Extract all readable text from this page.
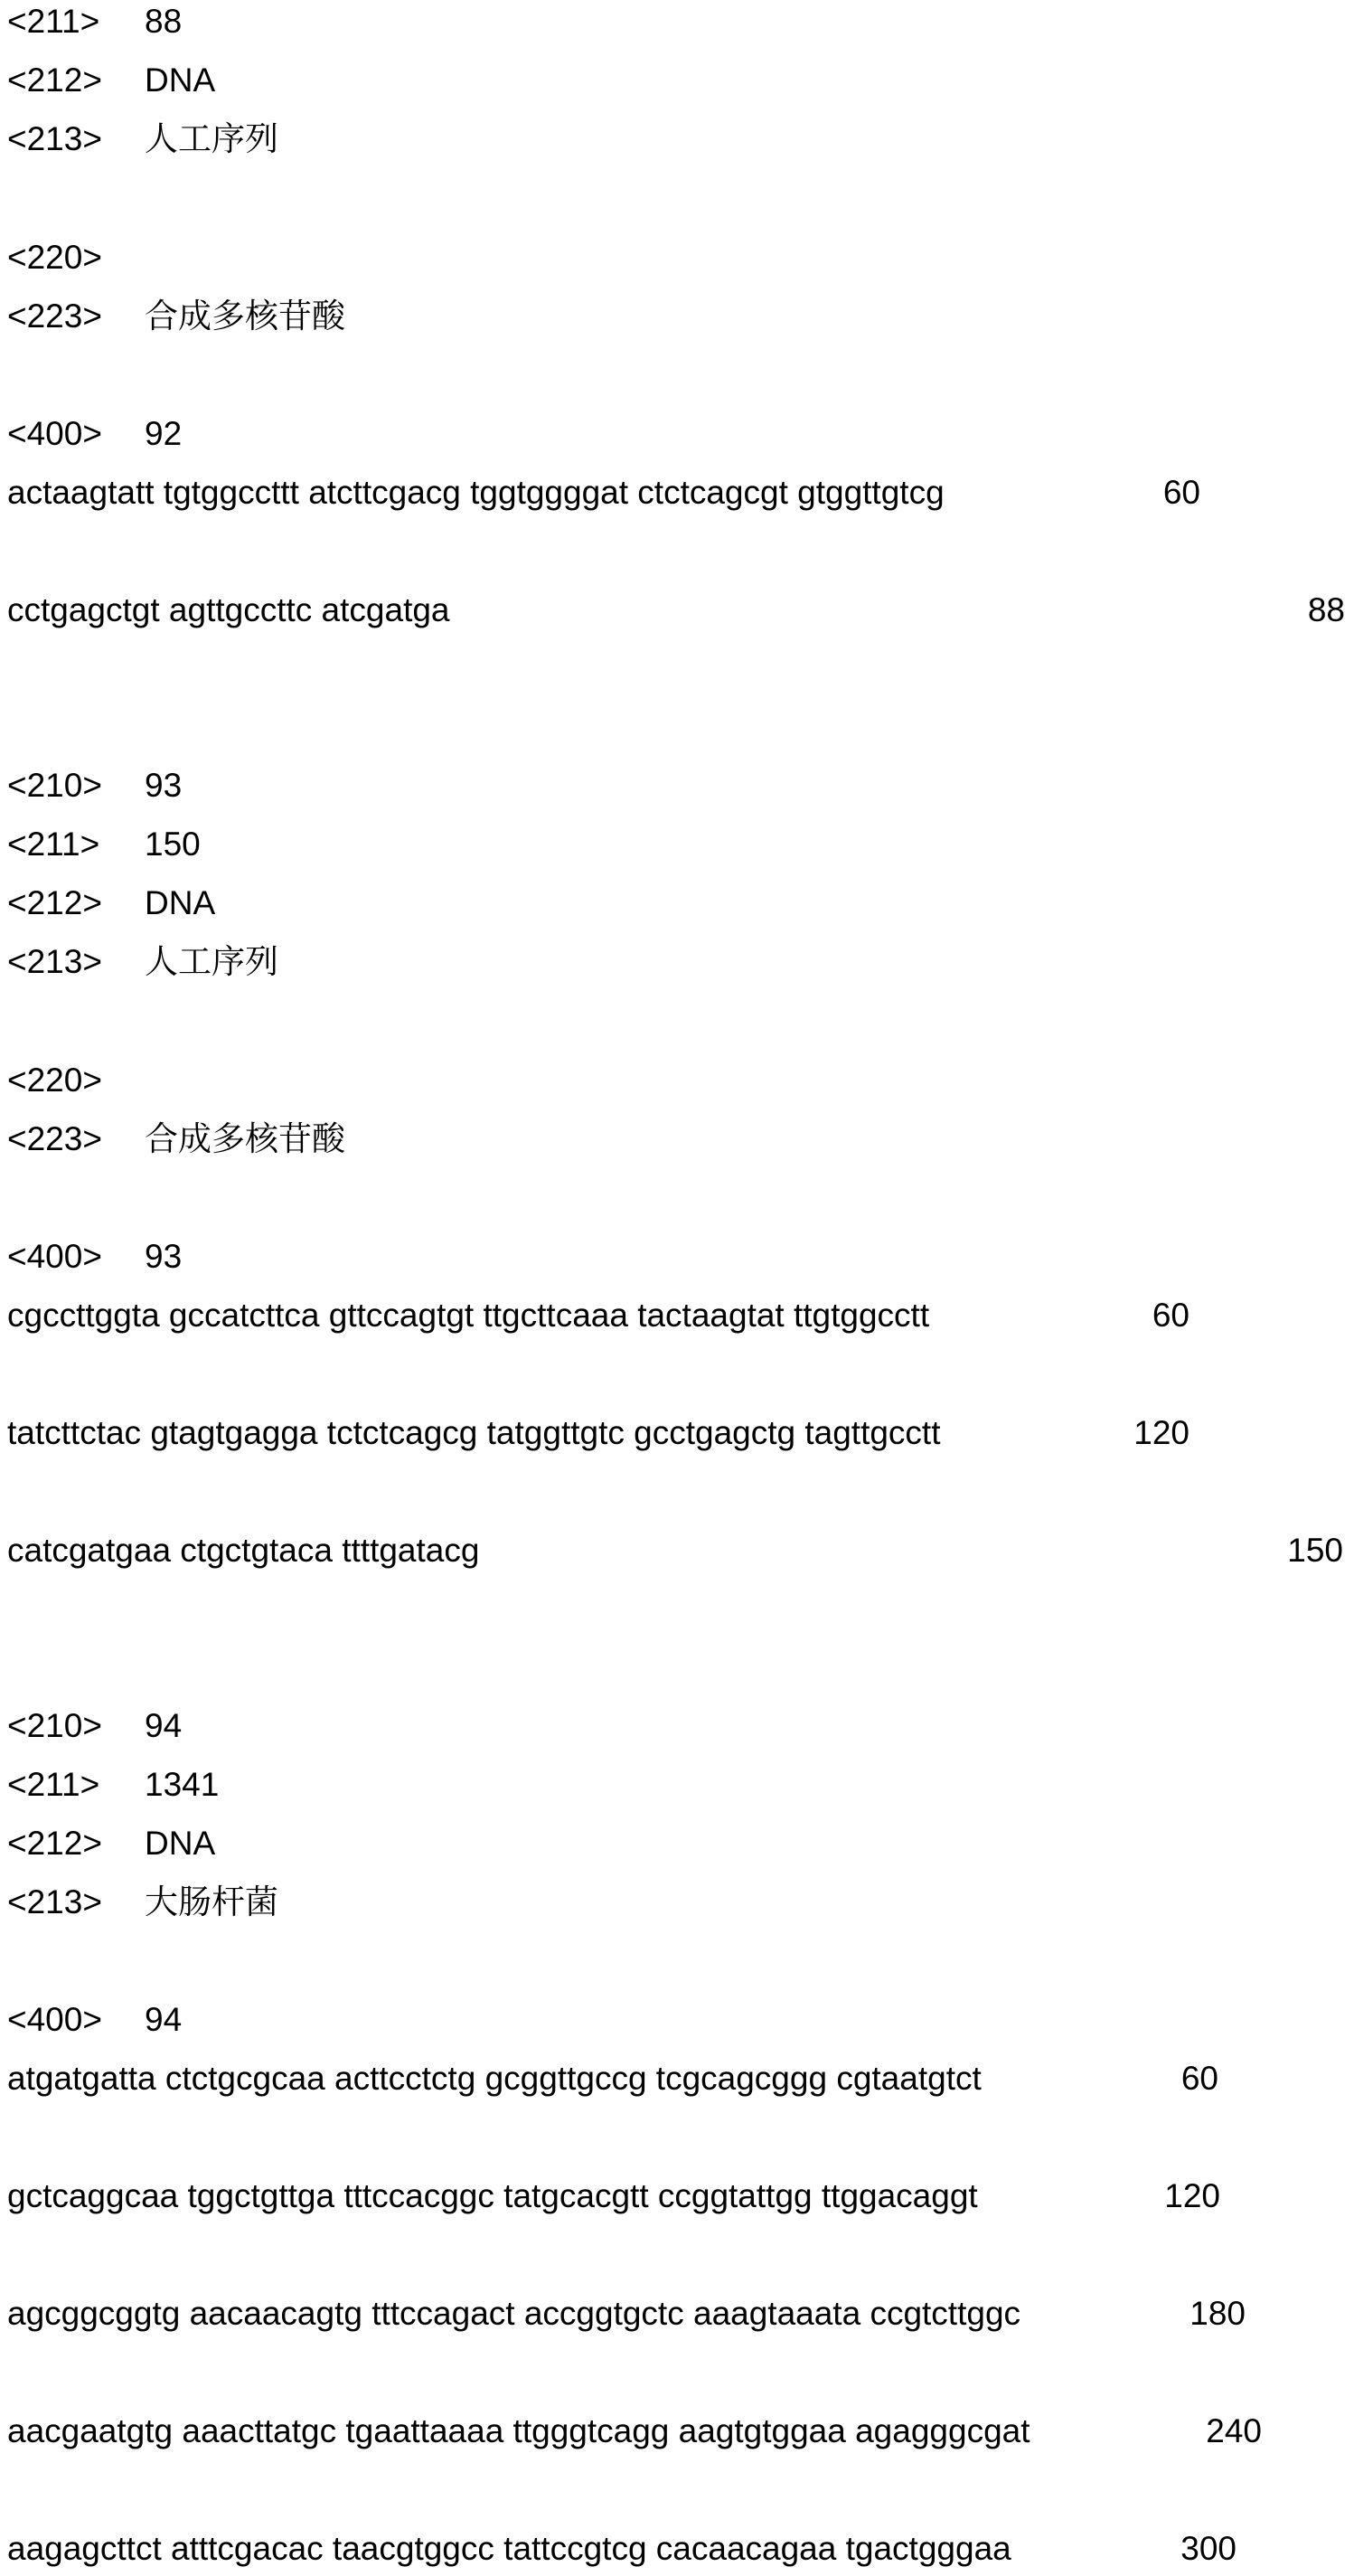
<211> 88
<212> DNA
<213> 人工序列
<220>
<223> 合成多核苷酸
<400> 92
actaagtatt tgtggccttt atcttcgacg tggtggggat ctctcagcgt gtggttgtcg	60
cctgagctgt agttgccttc atcgatga	88
<210> 93
<211> 150
<212> DNA
<213> 人工序列
<220>
<223> 合成多核苷酸
<400> 93
cgccttggta gccatcttca gttccagtgt ttgcttcaaa tactaagtat ttgtggcctt	60
tatcttctac gtagtgagga tctctcagcg tatggttgtc gcctgagctg tagttgcctt	120
catcgatgaa ctgctgtaca ttttgatacg	150
<210> 94
<211> 1341
<212> DNA
<213> 大肠杆菌
<400> 94
atgatgatta ctctgcgcaa acttcctctg gcggttgccg tcgcagcggg cgtaatgtct	60
gctcaggcaa tggctgttga tttccacggc tatgcacgtt ccggtattgg ttggacaggt	120
agcggcggtg aacaacagtg tttccagact accggtgctc aaagtaaata ccgtcttggc	180
aacgaatgtg aaacttatgc tgaattaaaa ttgggtcagg aagtgtggaa agagggcgat	240
aagagcttct atttcgacac taacgtggcc tattccgtcg cacaacagaa tgactgggaa	300
